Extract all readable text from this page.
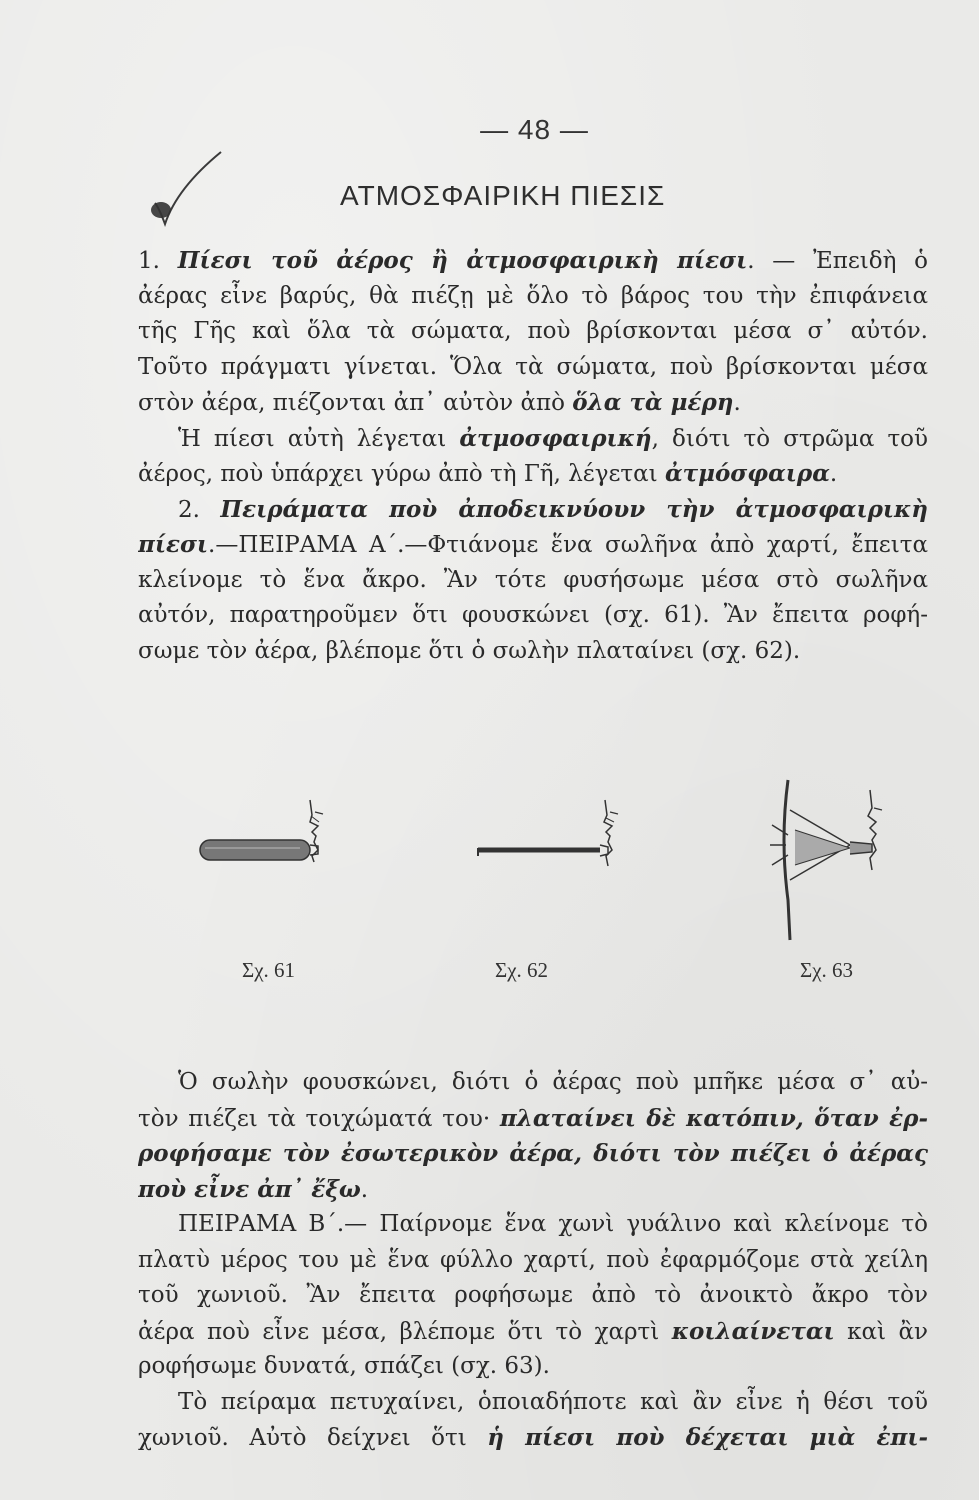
— 48 —
ΑΤΜΟΣΦΑΙΡΙΚΗ ΠΙΕΣΙΣ
1. Πίεσι τοῦ ἀέρος ἢ ἀτμοσφαιρικὴ πίεσι. — Ἐπειδὴ ὁ
ἀέρας εἶνε βαρύς, θὰ πιέζῃ μὲ ὅλο τὸ βάρος του τὴν ἐπιφάνεια
τῆς Γῆς καὶ ὅλα τὰ σώματα, ποὺ βρίσκονται μέσα σ᾽ αὐτόν.
Τοῦτο πράγματι γίνεται. Ὅλα τὰ σώματα, ποὺ βρίσκονται μέσα
στὸν ἀέρα, πιέζονται ἀπ᾽ αὐτὸν ἀπὸ ὅλα τὰ μέρη.
Ἡ πίεσι αὐτὴ λέγεται ἀτμοσφαιρική, διότι τὸ στρῶμα τοῦ
ἀέρος, ποὺ ὑπάρχει γύρω ἀπὸ τὴ Γῆ, λέγεται ἀτμόσφαιρα.
2. Πειράματα ποὺ ἀποδεικνύουν τὴν ἀτμοσφαιρικὴ
πίεσι.—ΠΕΙΡΑΜΑ Α΄.—Φτιάνομε ἕνα σωλῆνα ἀπὸ χαρτί, ἔπειτα
κλείνομε τὸ ἕνα ἄκρο. Ἂν τότε φυσήσωμε μέσα στὸ σωλῆνα
αὐτόν, παρατηροῦμεν ὅτι φουσκώνει (σχ. 61). Ἂν ἔπειτα ροφή-
σωμε τὸν ἀέρα, βλέπομε ὅτι ὁ σωλὴν πλαταίνει (σχ. 62).
Σχ. 61	Σχ. 62	Σχ. 63
Ὁ σωλὴν φουσκώνει, διότι ὁ ἀέρας ποὺ μπῆκε μέσα σ᾽ αὐ-
τὸν πιέζει τὰ τοιχώματά του· πλαταίνει δὲ κατόπιν, ὅταν ἐρ-
ροφήσαμε τὸν ἐσωτερικὸν ἀέρα, διότι τὸν πιέζει ὁ ἀέρας
ποὺ εἶνε ἀπ᾽ ἔξω.
ΠΕΙΡΑΜΑ Β΄.— Παίρνομε ἕνα χωνὶ γυάλινο καὶ κλείνομε τὸ
πλατὺ μέρος του μὲ ἕνα φύλλο χαρτί, ποὺ ἐφαρμόζομε στὰ χείλη
τοῦ χωνιοῦ. Ἂν ἔπειτα ροφήσωμε ἀπὸ τὸ ἀνοικτὸ ἄκρο τὸν
ἀέρα ποὺ εἶνε μέσα, βλέπομε ὅτι τὸ χαρτὶ κοιλαίνεται καὶ ἂν
ροφήσωμε δυνατά, σπάζει (σχ. 63).
Τὸ πείραμα πετυχαίνει, ὁποιαδήποτε καὶ ἂν εἶνε ἡ θέσι τοῦ
χωνιοῦ. Αὐτὸ δείχνει ὅτι ἡ πίεσι ποὺ δέχεται μιὰ ἐπι-
